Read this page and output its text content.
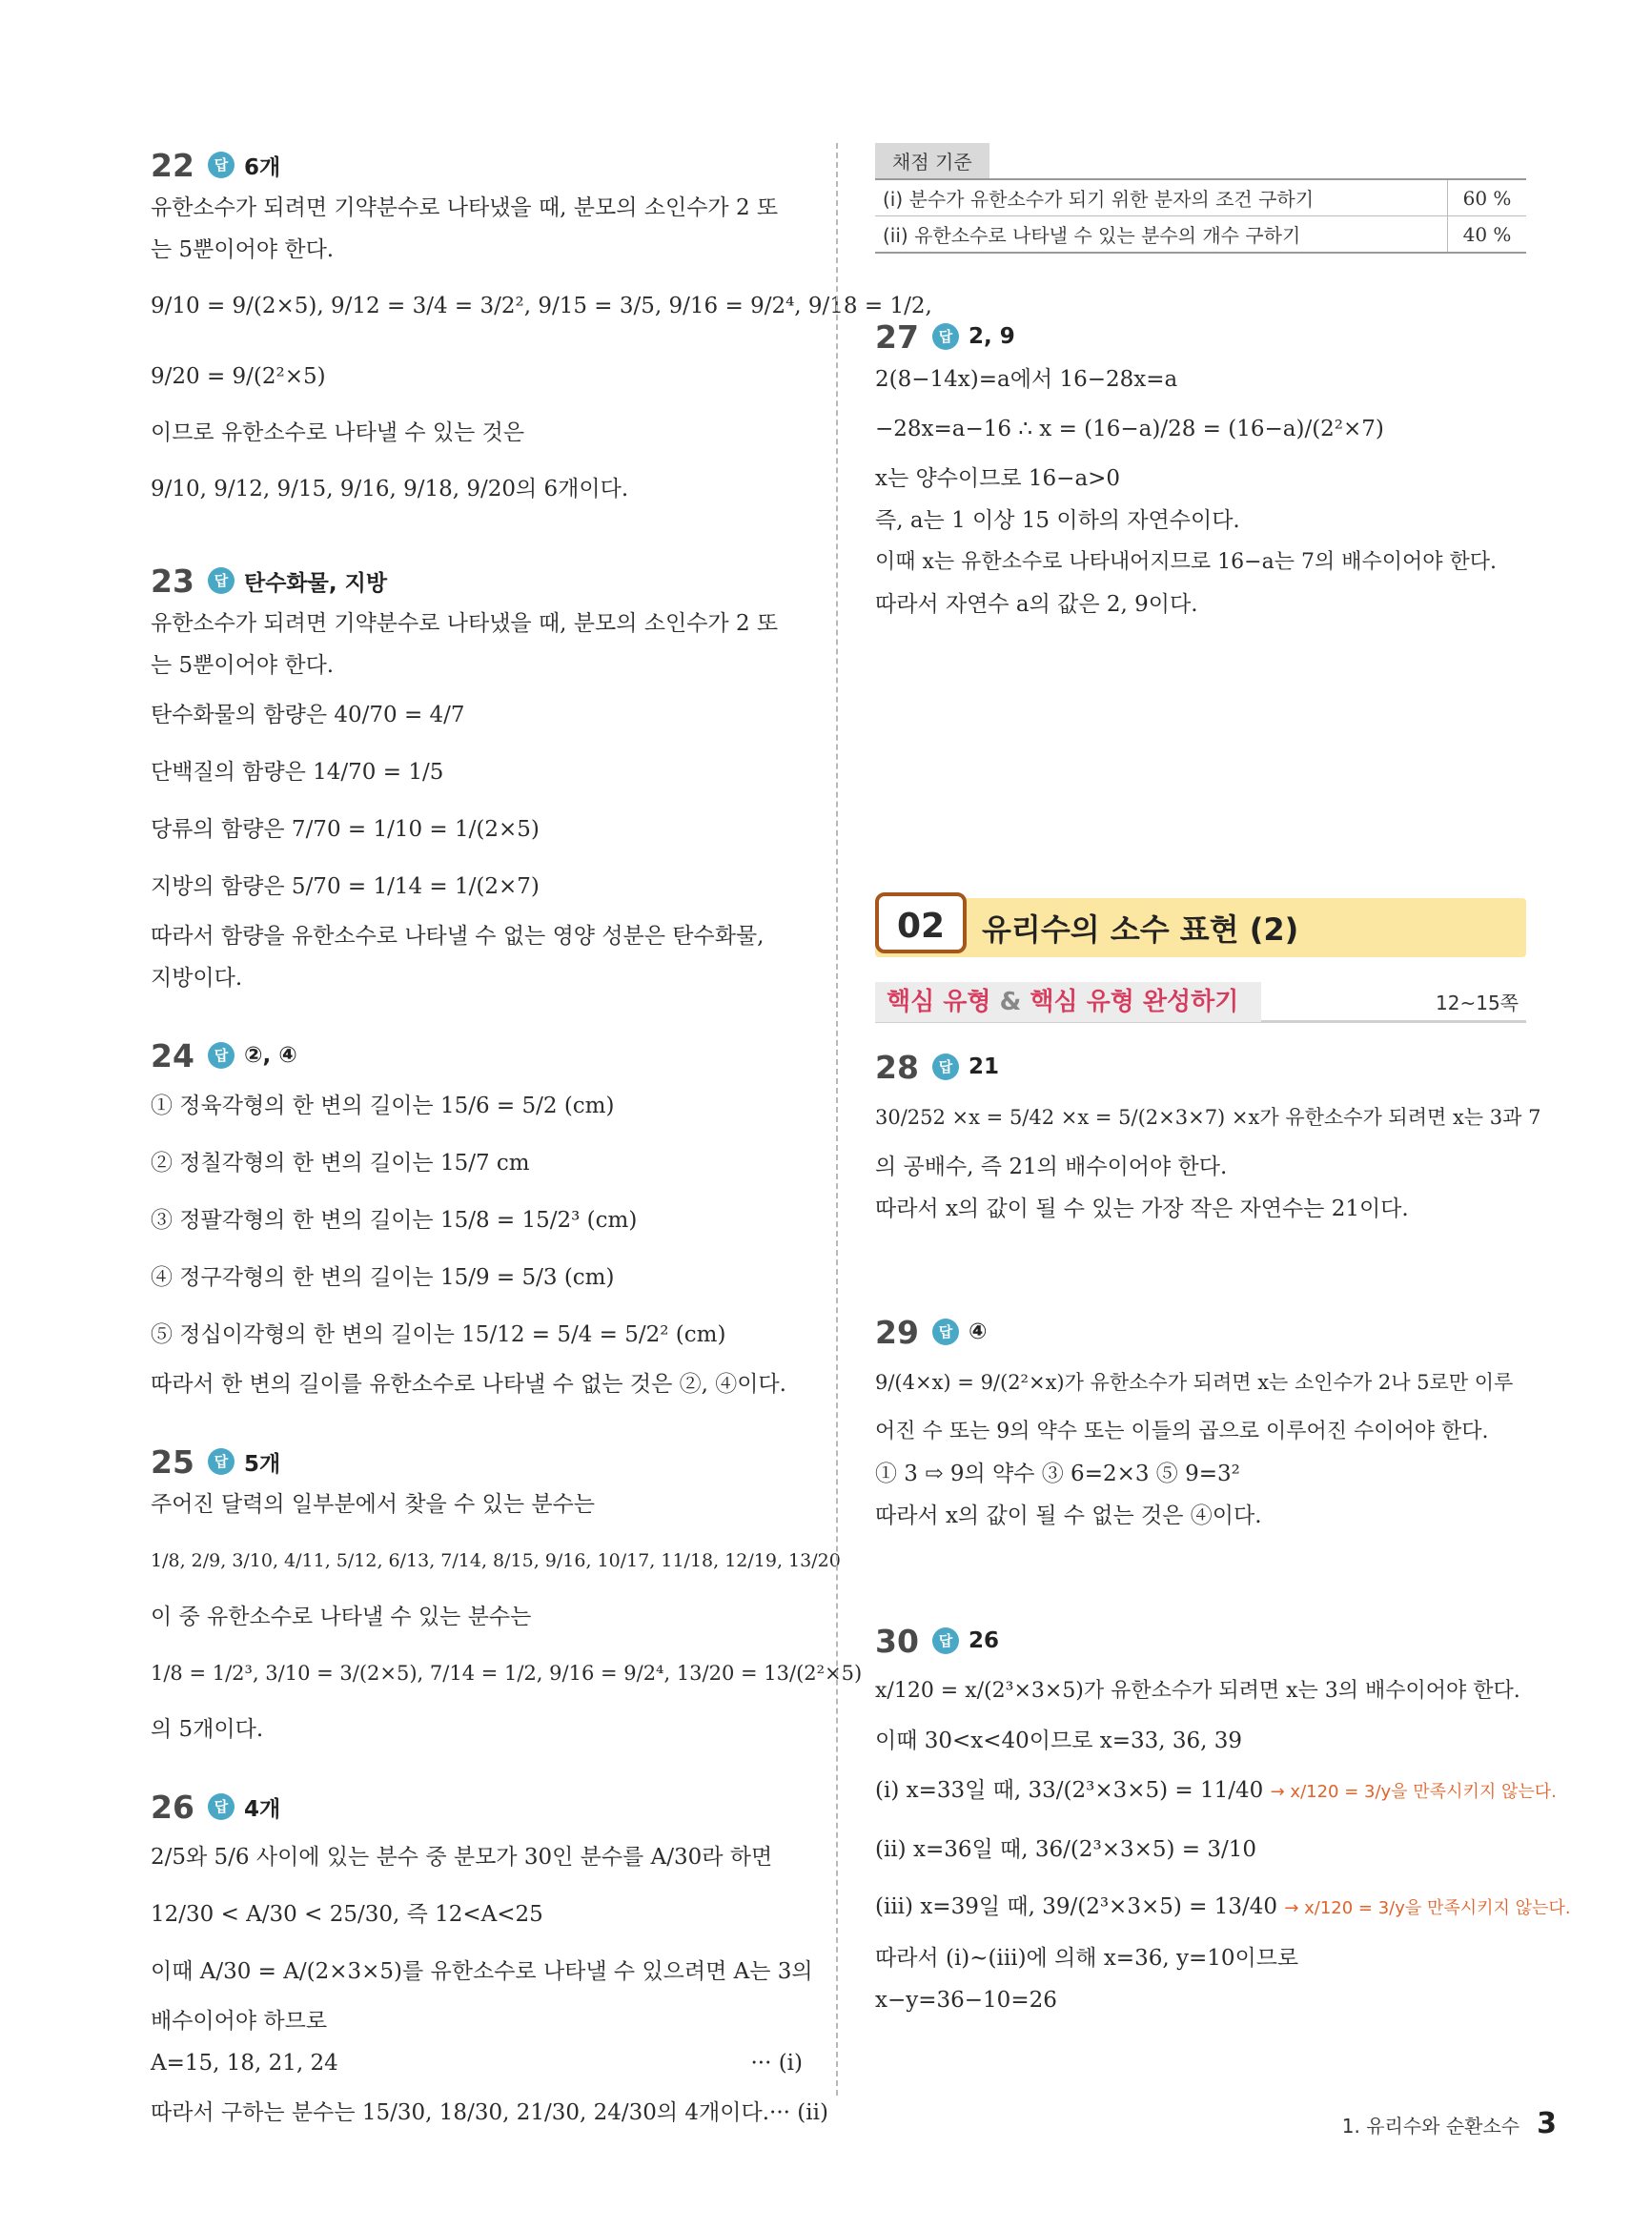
22	답 6개
유한소수가 되려면 기약분수로 나타냈을 때, 분모의 소인수가 2 또
는 5뿐이어야 한다.
9/10 = 9/(2×5), 9/12 = 3/4 = 3/2², 9/15 = 3/5, 9/16 = 9/2⁴, 9/18 = 1/2,
9/20 = 9/(2²×5)
이므로 유한소수로 나타낼 수 있는 것은
9/10, 9/12, 9/15, 9/16, 9/18, 9/20의 6개이다.
23	답 탄수화물, 지방
유한소수가 되려면 기약분수로 나타냈을 때, 분모의 소인수가 2 또
는 5뿐이어야 한다.
탄수화물의 함량은 40/70 = 4/7
단백질의 함량은 14/70 = 1/5
당류의 함량은 7/70 = 1/10 = 1/(2×5)
지방의 함량은 5/70 = 1/14 = 1/(2×7)
따라서 함량을 유한소수로 나타낼 수 없는 영양 성분은 탄수화물,
지방이다.
24	답 ②, ④
① 정육각형의 한 변의 길이는 15/6 = 5/2 (cm)
② 정칠각형의 한 변의 길이는 15/7 cm
③ 정팔각형의 한 변의 길이는 15/8 = 15/2³ (cm)
④ 정구각형의 한 변의 길이는 15/9 = 5/3 (cm)
⑤ 정십이각형의 한 변의 길이는 15/12 = 5/4 = 5/2² (cm)
따라서 한 변의 길이를 유한소수로 나타낼 수 없는 것은 ②, ④이다.
25	답 5개
주어진 달력의 일부분에서 찾을 수 있는 분수는
1/8, 2/9, 3/10, 4/11, 5/12, 6/13, 7/14, 8/15, 9/16, 10/17, 11/18, 12/19, 13/20
이 중 유한소수로 나타낼 수 있는 분수는
1/8 = 1/2³, 3/10 = 3/(2×5), 7/14 = 1/2, 9/16 = 9/2⁴, 13/20 = 13/(2²×5)
의 5개이다.
26	답 4개
2/5와 5/6 사이에 있는 분수 중 분모가 30인 분수를 A/30라 하면
12/30 < A/30 < 25/30, 즉 12<A<25
이때 A/30 = A/(2×3×5)를 유한소수로 나타낼 수 있으려면 A는 3의
배수이어야 하므로
A=15, 18, 21, 24	··· (i)
따라서 구하는 분수는 15/30, 18/30, 21/30, 24/30의 4개이다. ··· (ii)
채점 기준
(i) 분수가 유한소수가 되기 위한 분자의 조건 구하기	60 %
(ii) 유한소수로 나타낼 수 있는 분수의 개수 구하기	40 %
27	답 2, 9
2(8−14x)=a에서 16−28x=a
−28x=a−16 ∴ x = (16−a)/28 = (16−a)/(2²×7)
x는 양수이므로 16−a>0
즉, a는 1 이상 15 이하의 자연수이다.
이때 x는 유한소수로 나타내어지므로 16−a는 7의 배수이어야 한다.
따라서 자연수 a의 값은 2, 9이다.
02	유리수의 소수 표현 (2)
핵심 유형 & 핵심 유형 완성하기	12~15쪽
28	답 21
30/252 ×x = 5/42 ×x = 5/(2×3×7) ×x가 유한소수가 되려면 x는 3과 7
의 공배수, 즉 21의 배수이어야 한다.
따라서 x의 값이 될 수 있는 가장 작은 자연수는 21이다.
29	답 ④
9/(4×x) = 9/(2²×x)가 유한소수가 되려면 x는 소인수가 2나 5로만 이루
어진 수 또는 9의 약수 또는 이들의 곱으로 이루어진 수이어야 한다.
① 3 ⇨ 9의 약수 ③ 6=2×3 ⑤ 9=3²
따라서 x의 값이 될 수 없는 것은 ④이다.
30	답 26
x/120 = x/(2³×3×5)가 유한소수가 되려면 x는 3의 배수이어야 한다.
이때 30<x<40이므로 x=33, 36, 39
(i) x=33일 때, 33/(2³×3×5) = 11/40 → x/120 = 3/y을 만족시키지 않는다.
(ii) x=36일 때, 36/(2³×3×5) = 3/10
(iii) x=39일 때, 39/(2³×3×5) = 13/40 → x/120 = 3/y을 만족시키지 않는다.
따라서 (i)~(iii)에 의해 x=36, y=10이므로
x−y=36−10=26
1. 유리수와 순환소수 3
